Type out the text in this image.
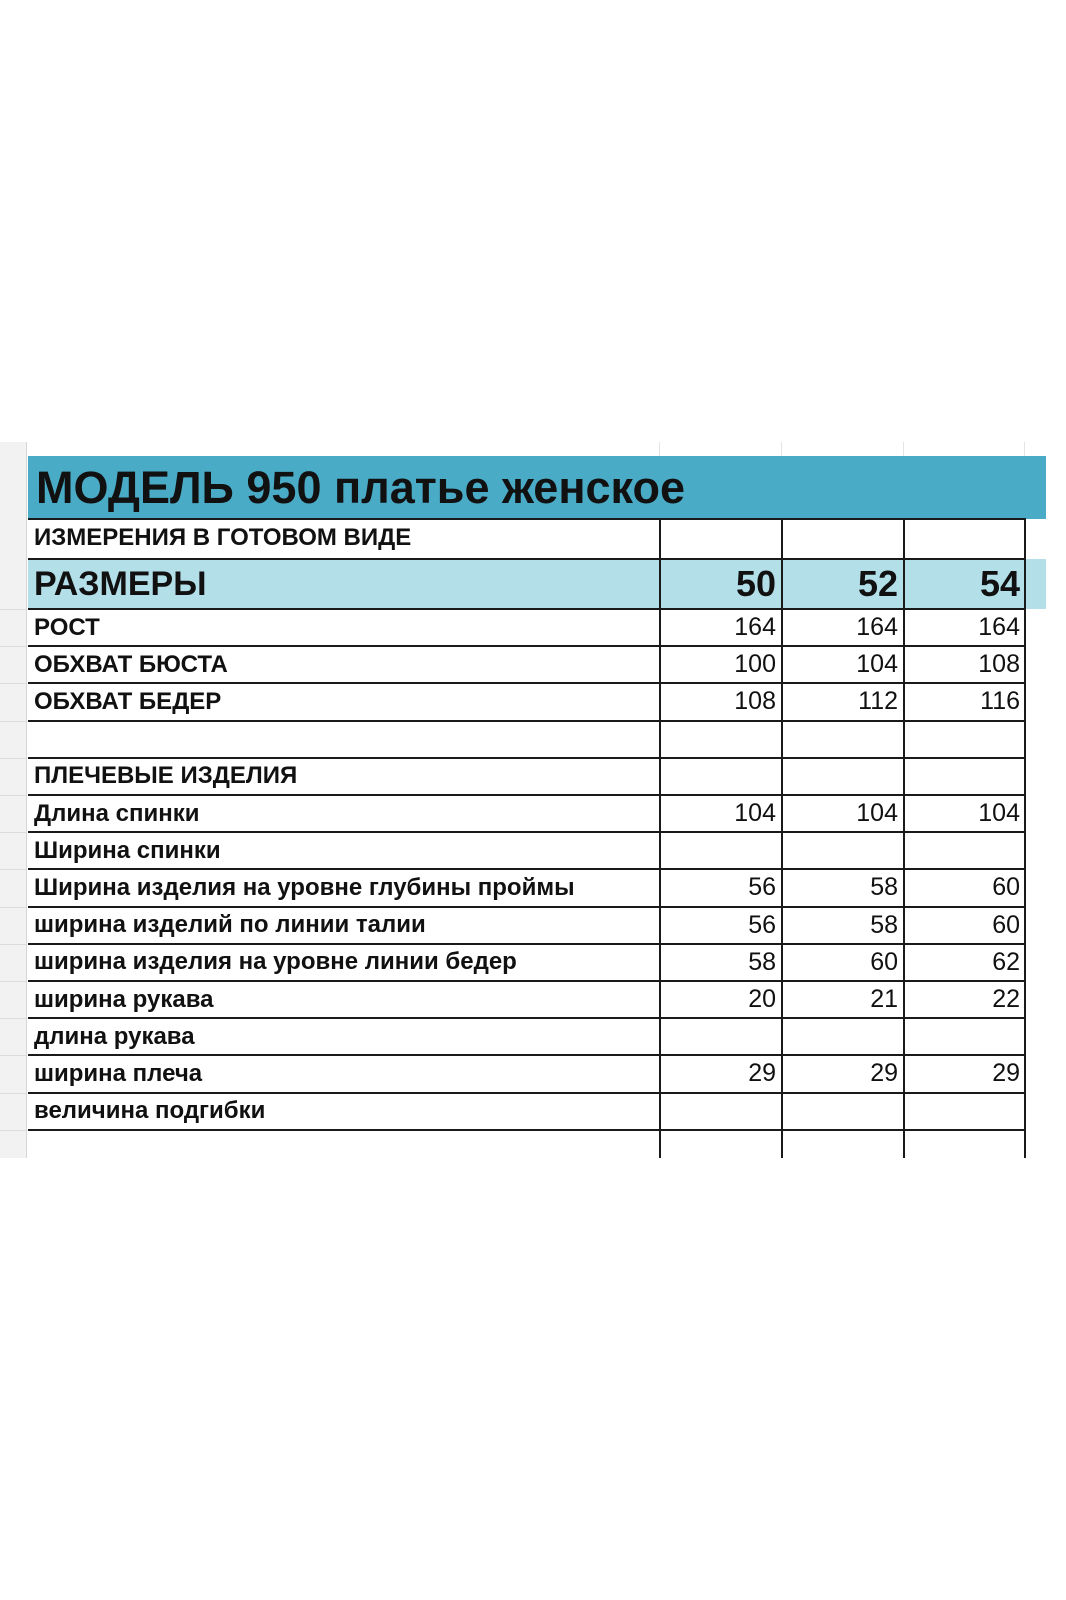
МОДЕЛЬ 950 платье женское
ИЗМЕРЕНИЯ В ГОТОВОМ ВИДЕ
РАЗМЕРЫ	50	52	54
РОСТ	164	164	164
ОБХВАТ БЮСТА	100	104	108
ОБХВАТ БЕДЕР	108	112	116
ПЛЕЧЕВЫЕ ИЗДЕЛИЯ
Длина спинки	104	104	104
Ширина спинки
Ширина изделия на уровне глубины проймы	56	58	60
ширина изделий по линии талии	56	58	60
ширина изделия на уровне линии бедер	58	60	62
ширина рукава	20	21	22
длина рукава
ширина плеча	29	29	29
величина подгибки
